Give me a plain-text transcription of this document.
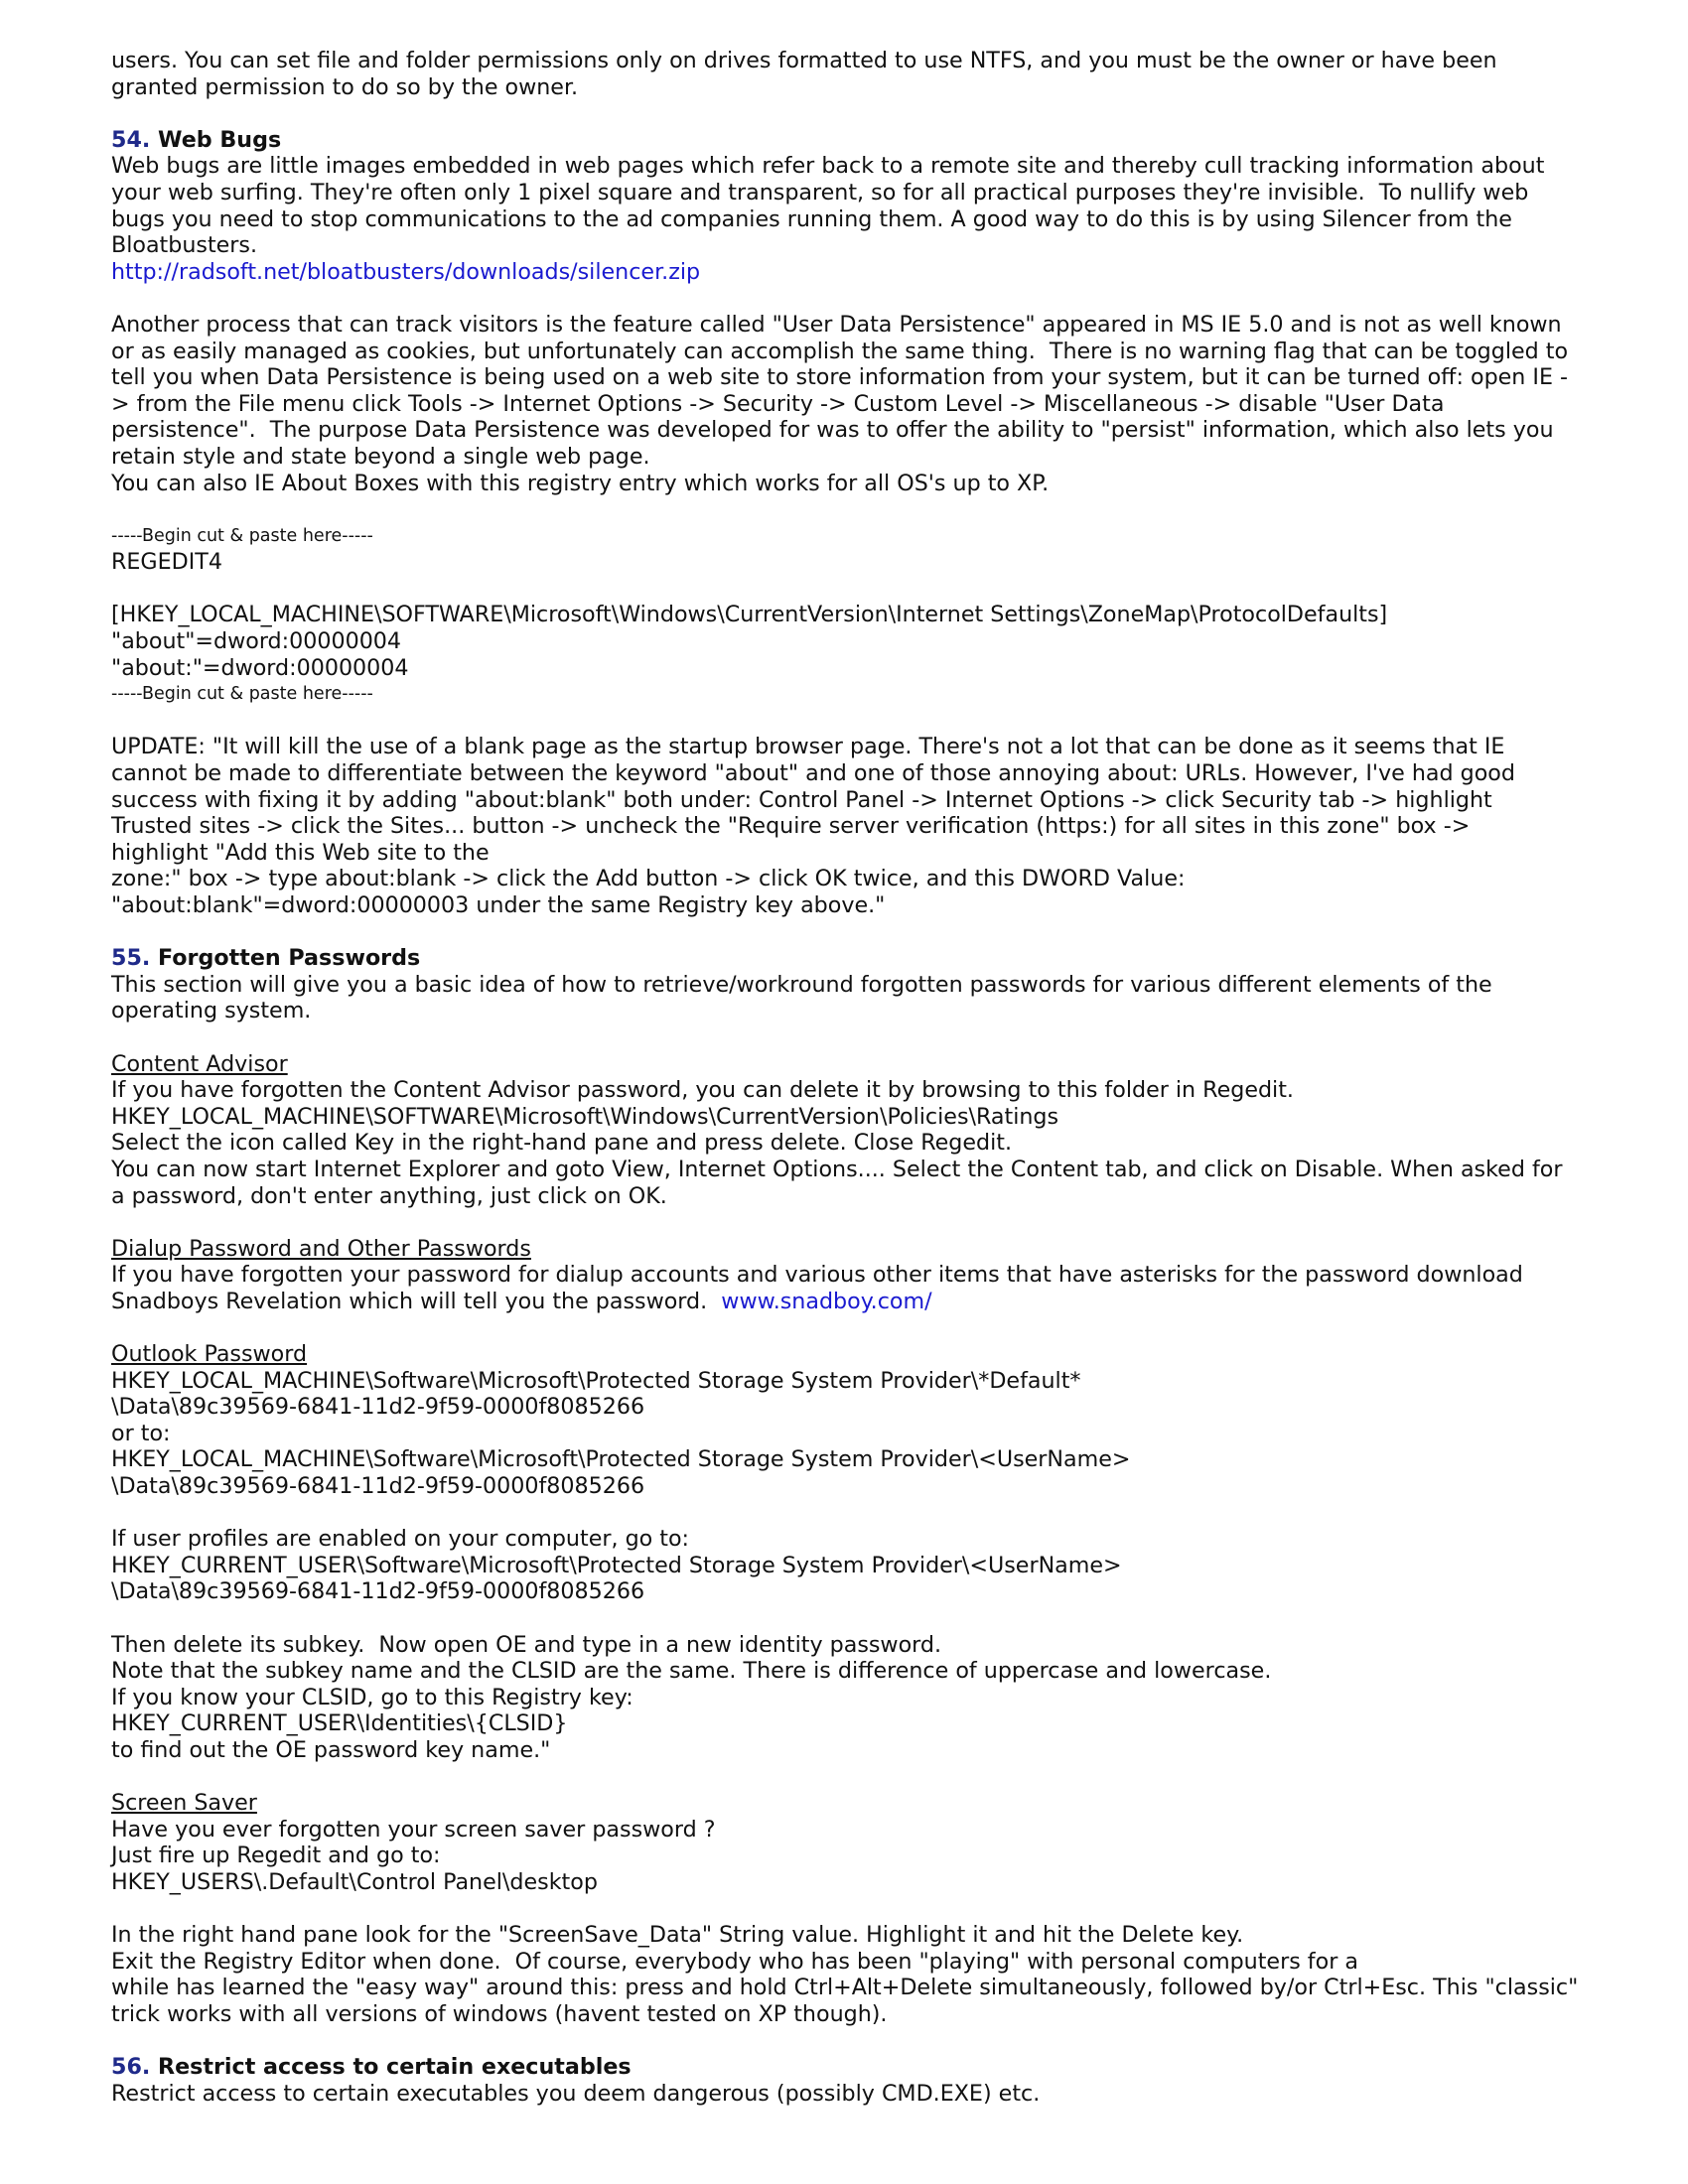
users. You can set file and folder permissions only on drives formatted to use NTFS, and you must be the owner or have been
granted permission to do so by the owner.
54. Web Bugs
Web bugs are little images embedded in web pages which refer back to a remote site and thereby cull tracking information about
your web surfing. They're often only 1 pixel square and transparent, so for all practical purposes they're invisible.  To nullify web
bugs you need to stop communications to the ad companies running them. A good way to do this is by using Silencer from the
Bloatbusters.
http://radsoft.net/bloatbusters/downloads/silencer.zip
Another process that can track visitors is the feature called "User Data Persistence" appeared in MS IE 5.0 and is not as well known
or as easily managed as cookies, but unfortunately can accomplish the same thing.  There is no warning flag that can be toggled to
tell you when Data Persistence is being used on a web site to store information from your system, but it can be turned off: open IE -
> from the File menu click Tools -> Internet Options -> Security -> Custom Level -> Miscellaneous -> disable "User Data
persistence".  The purpose Data Persistence was developed for was to offer the ability to "persist" information, which also lets you
retain style and state beyond a single web page.
You can also IE About Boxes with this registry entry which works for all OS's up to XP.
-----Begin cut & paste here-----
REGEDIT4
[HKEY_LOCAL_MACHINE\SOFTWARE\Microsoft\Windows\CurrentVersion\Internet Settings\ZoneMap\ProtocolDefaults]
"about"=dword:00000004
"about:"=dword:00000004
-----Begin cut & paste here-----
UPDATE: "It will kill the use of a blank page as the startup browser page. There's not a lot that can be done as it seems that IE
cannot be made to differentiate between the keyword "about" and one of those annoying about: URLs. However, I've had good
success with fixing it by adding "about:blank" both under: Control Panel -> Internet Options -> click Security tab -> highlight
Trusted sites -> click the Sites... button -> uncheck the "Require server verification (https:) for all sites in this zone" box ->
highlight "Add this Web site to the
zone:" box -> type about:blank -> click the Add button -> click OK twice, and this DWORD Value:
"about:blank"=dword:00000003 under the same Registry key above."
55. Forgotten Passwords
This section will give you a basic idea of how to retrieve/workround forgotten passwords for various different elements of the
operating system.
Content Advisor
If you have forgotten the Content Advisor password, you can delete it by browsing to this folder in Regedit.
HKEY_LOCAL_MACHINE\SOFTWARE\Microsoft\Windows\CurrentVersion\Policies\Ratings
Select the icon called Key in the right-hand pane and press delete. Close Regedit.
You can now start Internet Explorer and goto View, Internet Options.... Select the Content tab, and click on Disable. When asked for
a password, don't enter anything, just click on OK.
Dialup Password and Other Passwords
If you have forgotten your password for dialup accounts and various other items that have asterisks for the password download
Snadboys Revelation which will tell you the password.  www.snadboy.com/
Outlook Password
HKEY_LOCAL_MACHINE\Software\Microsoft\Protected Storage System Provider\*Default*
\Data\89c39569-6841-11d2-9f59-0000f8085266
or to:
HKEY_LOCAL_MACHINE\Software\Microsoft\Protected Storage System Provider\<UserName>
\Data\89c39569-6841-11d2-9f59-0000f8085266
If user profiles are enabled on your computer, go to:
HKEY_CURRENT_USER\Software\Microsoft\Protected Storage System Provider\<UserName>
\Data\89c39569-6841-11d2-9f59-0000f8085266
Then delete its subkey.  Now open OE and type in a new identity password.
Note that the subkey name and the CLSID are the same. There is difference of uppercase and lowercase.
If you know your CLSID, go to this Registry key:
HKEY_CURRENT_USER\Identities\{CLSID}
to find out the OE password key name."
Screen Saver
Have you ever forgotten your screen saver password ?
Just fire up Regedit and go to:
HKEY_USERS\.Default\Control Panel\desktop
In the right hand pane look for the "ScreenSave_Data" String value. Highlight it and hit the Delete key.
Exit the Registry Editor when done.  Of course, everybody who has been "playing" with personal computers for a
while has learned the "easy way" around this: press and hold Ctrl+Alt+Delete simultaneously, followed by/or Ctrl+Esc. This "classic"
trick works with all versions of windows (havent tested on XP though).
56. Restrict access to certain executables
Restrict access to certain executables you deem dangerous (possibly CMD.EXE) etc.
